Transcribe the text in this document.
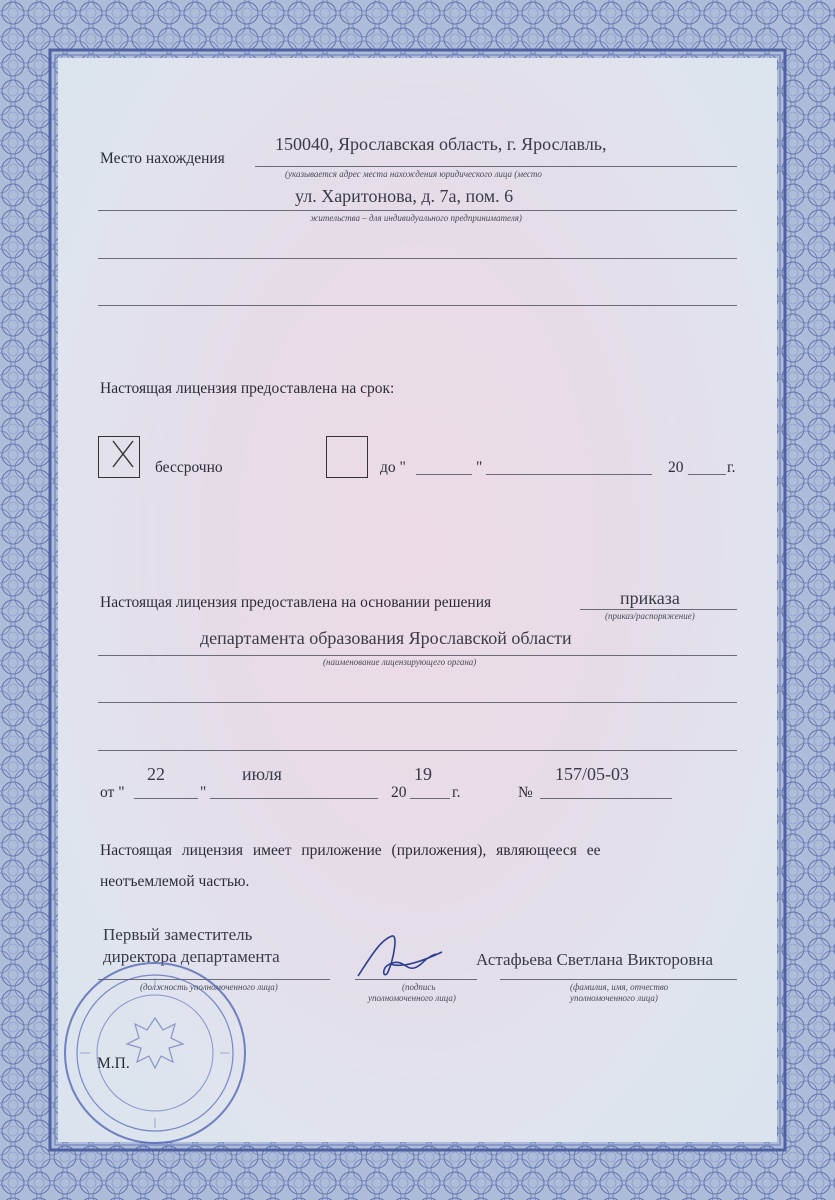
Место нахождения
150040, Ярославская область, г. Ярославль,
(указывается адрес места нахождения юридического лица (место
ул. Харитонова, д. 7а, пом. 6
жительства – для индивидуального предпринимателя)
Настоящая лицензия предоставлена на срок:
бессрочно	до "	"	20	г.
Настоящая лицензия предоставлена на основании решения	приказа
(приказ/распоряжение)
департамента образования Ярославской области
(наименование лицензирующего органа)
от "
22
"
июля
20
19
г.	№
157/05-03
Настоящая лицензия имеет приложение (приложения), являющееся ее
неотъемлемой частью.
Первый заместитель
директора департамента
(должность уполномоченного лица)	(подпись
уполномоченного лица)
Астафьева Светлана Викторовна
(фамилия, имя, отчество
уполномоченного лица)
М.П.
